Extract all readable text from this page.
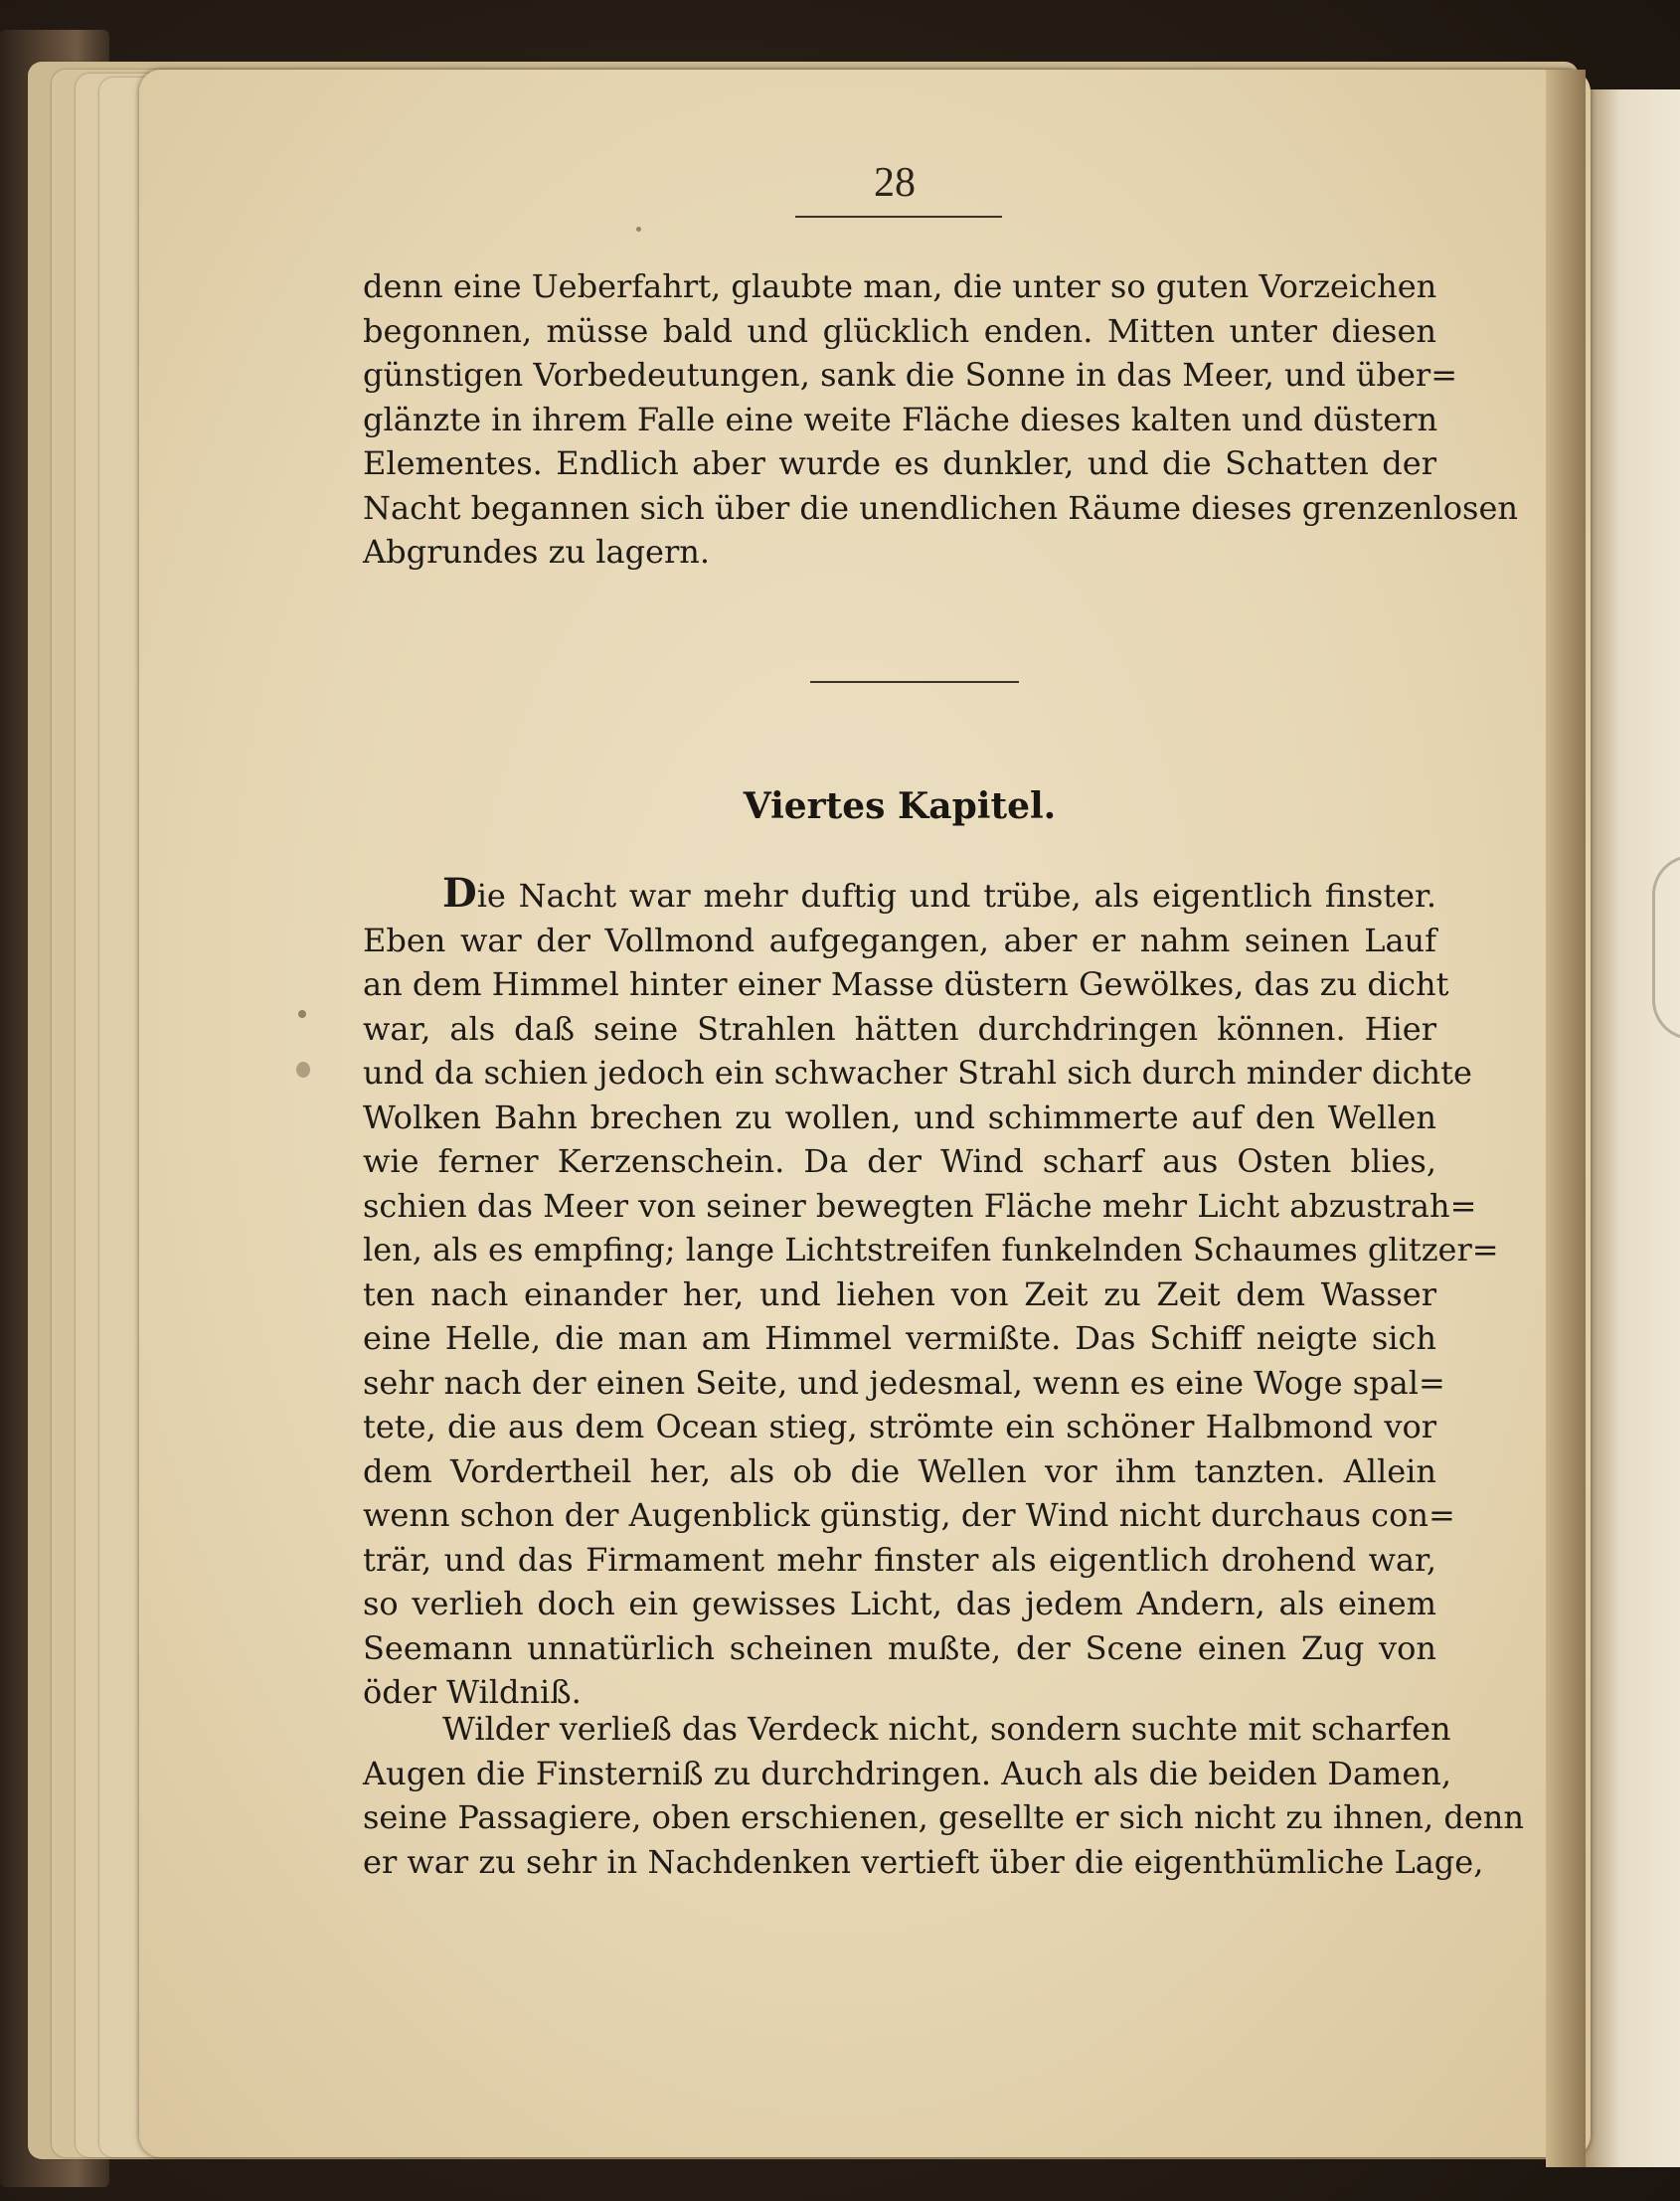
28
denn eine Ueberfahrt, glaubte man, die unter so guten Vorzeichen
begonnen, müsse bald und glücklich enden. Mitten unter diesen
günstigen Vorbedeutungen, sank die Sonne in das Meer, und über=
glänzte in ihrem Falle eine weite Fläche dieses kalten und düstern
Elementes. Endlich aber wurde es dunkler, und die Schatten der
Nacht begannen sich über die unendlichen Räume dieses grenzenlosen
Abgrundes zu lagern.
Viertes Kapitel.
Die Nacht war mehr duftig und trübe, als eigentlich finster.
Eben war der Vollmond aufgegangen, aber er nahm seinen Lauf
an dem Himmel hinter einer Masse düstern Gewölkes, das zu dicht
war, als daß seine Strahlen hätten durchdringen können. Hier
und da schien jedoch ein schwacher Strahl sich durch minder dichte
Wolken Bahn brechen zu wollen, und schimmerte auf den Wellen
wie ferner Kerzenschein. Da der Wind scharf aus Osten blies,
schien das Meer von seiner bewegten Fläche mehr Licht abzustrah=
len, als es empfing; lange Lichtstreifen funkelnden Schaumes glitzer=
ten nach einander her, und liehen von Zeit zu Zeit dem Wasser
eine Helle, die man am Himmel vermißte. Das Schiff neigte sich
sehr nach der einen Seite, und jedesmal, wenn es eine Woge spal=
tete, die aus dem Ocean stieg, strömte ein schöner Halbmond vor
dem Vordertheil her, als ob die Wellen vor ihm tanzten. Allein
wenn schon der Augenblick günstig, der Wind nicht durchaus con=
trär, und das Firmament mehr finster als eigentlich drohend war,
so verlieh doch ein gewisses Licht, das jedem Andern, als einem
Seemann unnatürlich scheinen mußte, der Scene einen Zug von
öder Wildniß.
Wilder verließ das Verdeck nicht, sondern suchte mit scharfen
Augen die Finsterniß zu durchdringen. Auch als die beiden Damen,
seine Passagiere, oben erschienen, gesellte er sich nicht zu ihnen, denn
er war zu sehr in Nachdenken vertieft über die eigenthümliche Lage,
